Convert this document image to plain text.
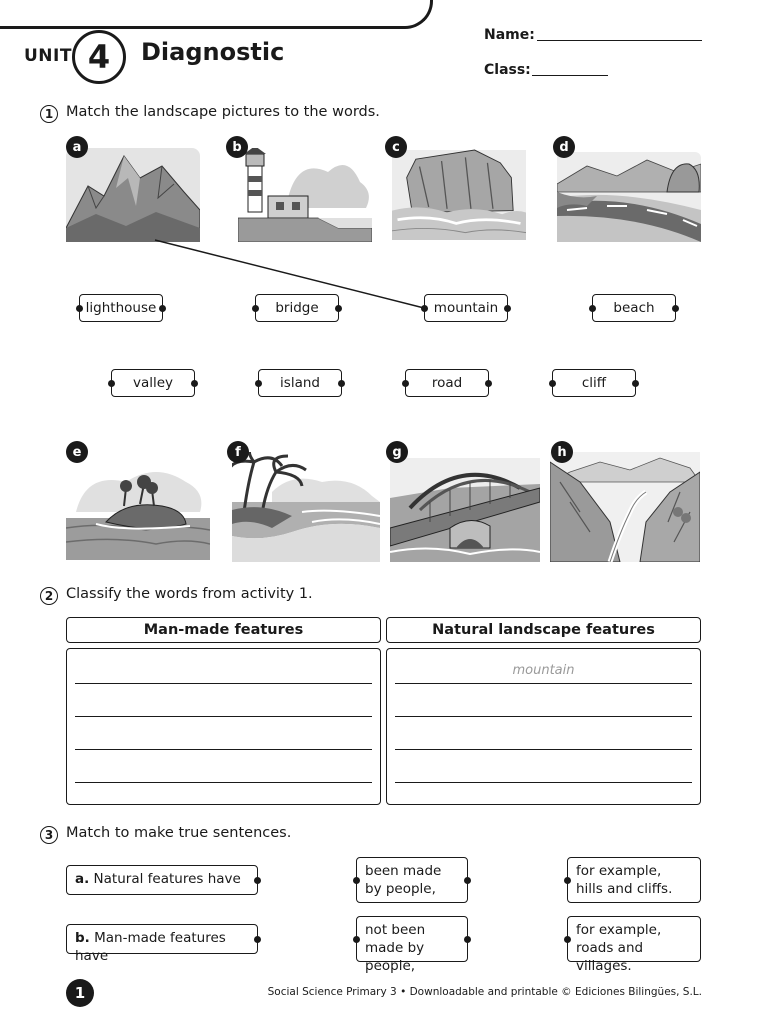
UNIT 4	Diagnostic
Name:
Class:
1 Match the landscape pictures to the words.
a	b	c	d
lighthouse	bridge	mountain	beach
valley	island	road	cliff
e	f	g	h
2 Classify the words from activity 1.
Man-made features	Natural landscape features
mountain
3 Match to make true sentences.
a. Natural features have
b. Man-made features have
been made by people,
not been made by people,
for example, hills and cliffs.
for example, roads and villages.
1	Social Science Primary 3 • Downloadable and printable © Ediciones Bilingües, S.L.
